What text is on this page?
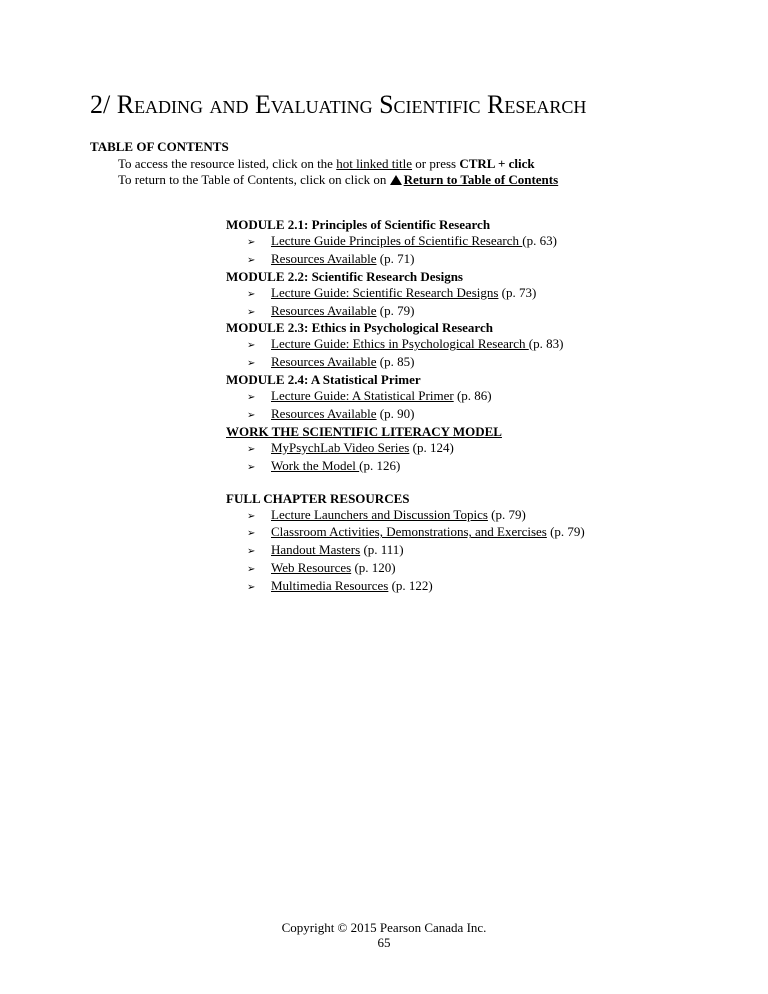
2/ Reading and Evaluating Scientific Research
TABLE OF CONTENTS
To access the resource listed, click on the hot linked title or press CTRL + click
To return to the Table of Contents, click on click on Return to Table of Contents
MODULE 2.1: Principles of Scientific Research
➢ Lecture Guide Principles of Scientific Research (p. 63)
➢ Resources Available (p. 71)
MODULE 2.2: Scientific Research Designs
➢ Lecture Guide: Scientific Research Designs (p. 73)
➢ Resources Available (p. 79)
MODULE 2.3: Ethics in Psychological Research
➢ Lecture Guide: Ethics in Psychological Research (p. 83)
➢ Resources Available (p. 85)
MODULE 2.4: A Statistical Primer
➢ Lecture Guide: A Statistical Primer (p. 86)
➢ Resources Available (p. 90)
WORK THE SCIENTIFIC LITERACY MODEL
➢ MyPsychLab Video Series (p. 124)
➢ Work the Model (p. 126)
FULL CHAPTER RESOURCES
➢ Lecture Launchers and Discussion Topics (p. 79)
➢ Classroom Activities, Demonstrations, and Exercises (p. 79)
➢ Handout Masters (p. 111)
➢ Web Resources (p. 120)
➢ Multimedia Resources (p. 122)
Copyright © 2015 Pearson Canada Inc.
65
